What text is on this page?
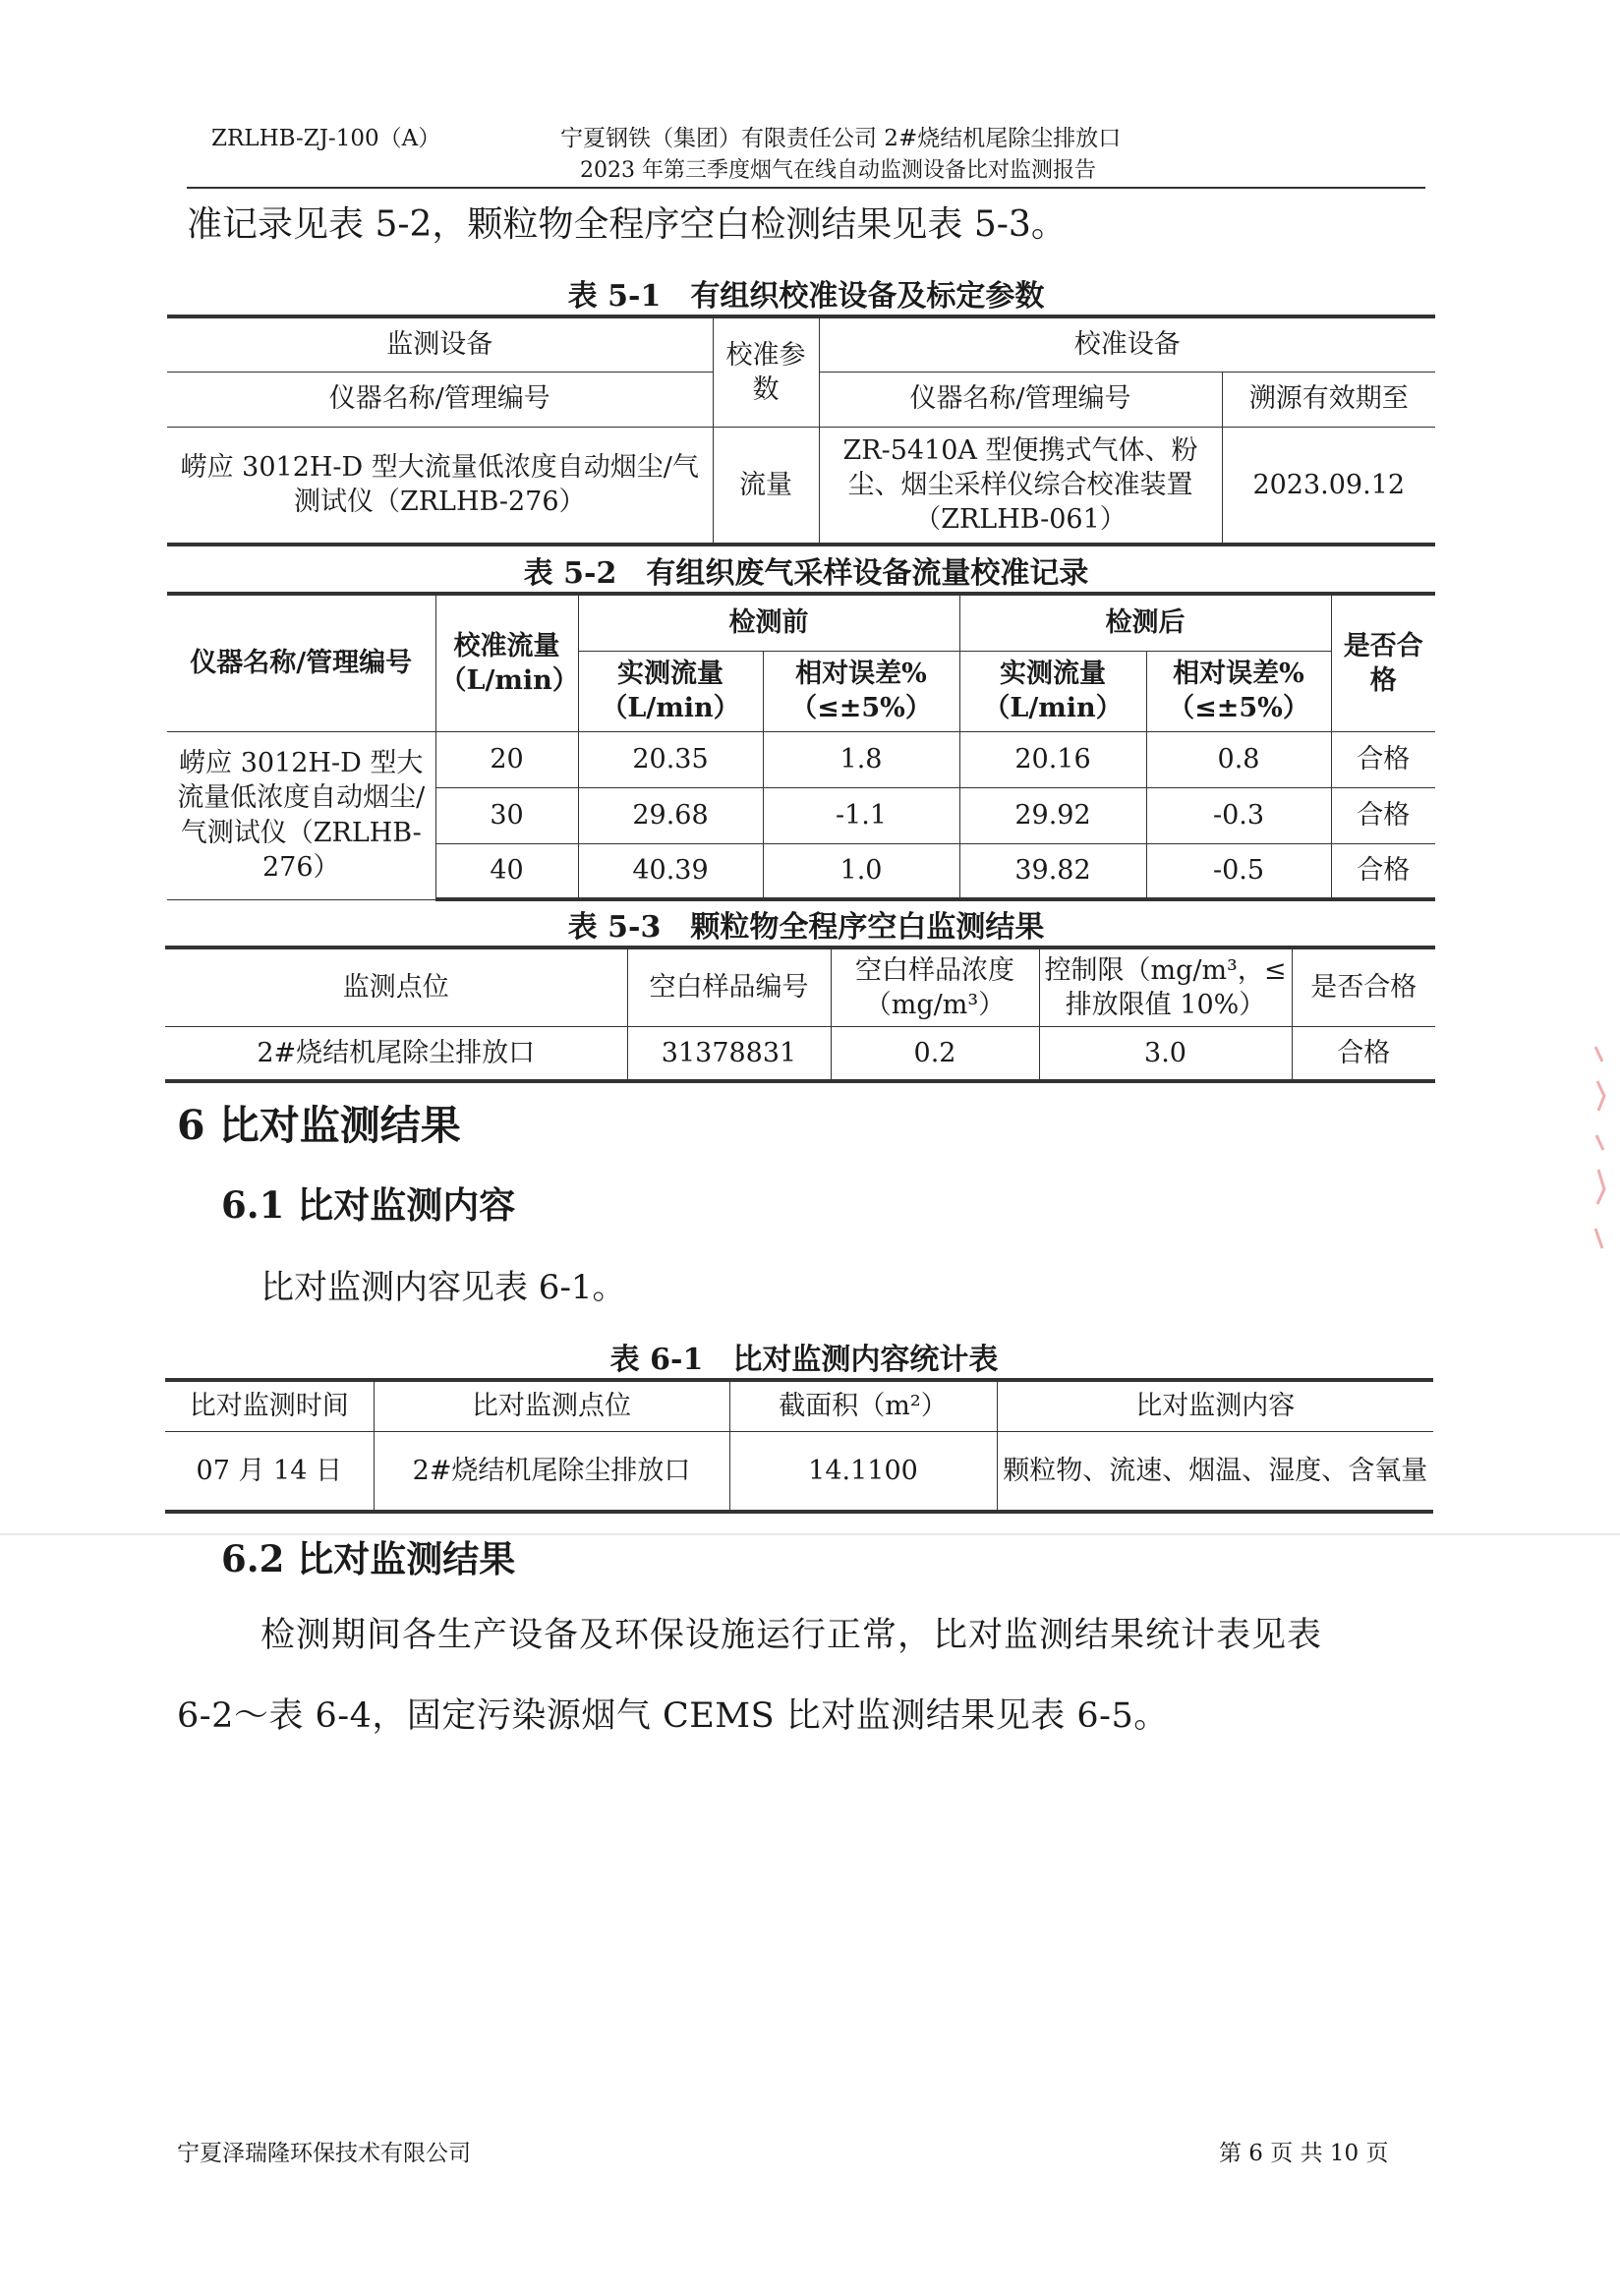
ZRLHB-ZJ-100（A）	宁夏钢铁（集团）有限责任公司 2#烧结机尾除尘排放口
2023 年第三季度烟气在线自动监测设备比对监测报告
准记录见表 5-2，颗粒物全程序空白检测结果见表 5-3。
表 5-1　有组织校准设备及标定参数
监测设备	校准参数	校准设备	
仪器名称/管理编号		仪器名称/管理编号	溯源有效期至
崂应 3012H-D 型大流量低浓度自动烟尘/气测试仪（ZRLHB-276）	流量	ZR-5410A 型便携式气体、粉尘、烟尘采样仪综合校准装置（ZRLHB-061）	2023.09.12
表 5-2　有组织废气采样设备流量校准记录
仪器名称/管理编号	校准流量（L/min）	检测前		检测后		是否合格
		实测流量（L/min）	相对误差%（≤±5%）	实测流量（L/min）	相对误差%（≤±5%）	
崂应 3012H-D 型大流量低浓度自动烟尘/气测试仪（ZRLHB-276）	20	20.35	1.8	20.16	0.8	合格
	30	29.68	-1.1	29.92	-0.3	合格
	40	40.39	1.0	39.82	-0.5	合格
表 5-3　颗粒物全程序空白监测结果
监测点位	空白样品编号	空白样品浓度（mg/m³）	控制限（mg/m³，≤排放限值 10%）	是否合格
2#烧结机尾除尘排放口	31378831	0.2	3.0	合格
6 比对监测结果
6.1 比对监测内容
比对监测内容见表 6-1。
表 6-1　比对监测内容统计表
比对监测时间	比对监测点位	截面积（m²）	比对监测内容
07 月 14 日	2#烧结机尾除尘排放口	14.1100	颗粒物、流速、烟温、湿度、含氧量
6.2 比对监测结果
检测期间各生产设备及环保设施运行正常，比对监测结果统计表见表
6-2～表 6-4，固定污染源烟气 CEMS 比对监测结果见表 6-5。
宁夏泽瑞隆环保技术有限公司	第 6 页 共 10 页
